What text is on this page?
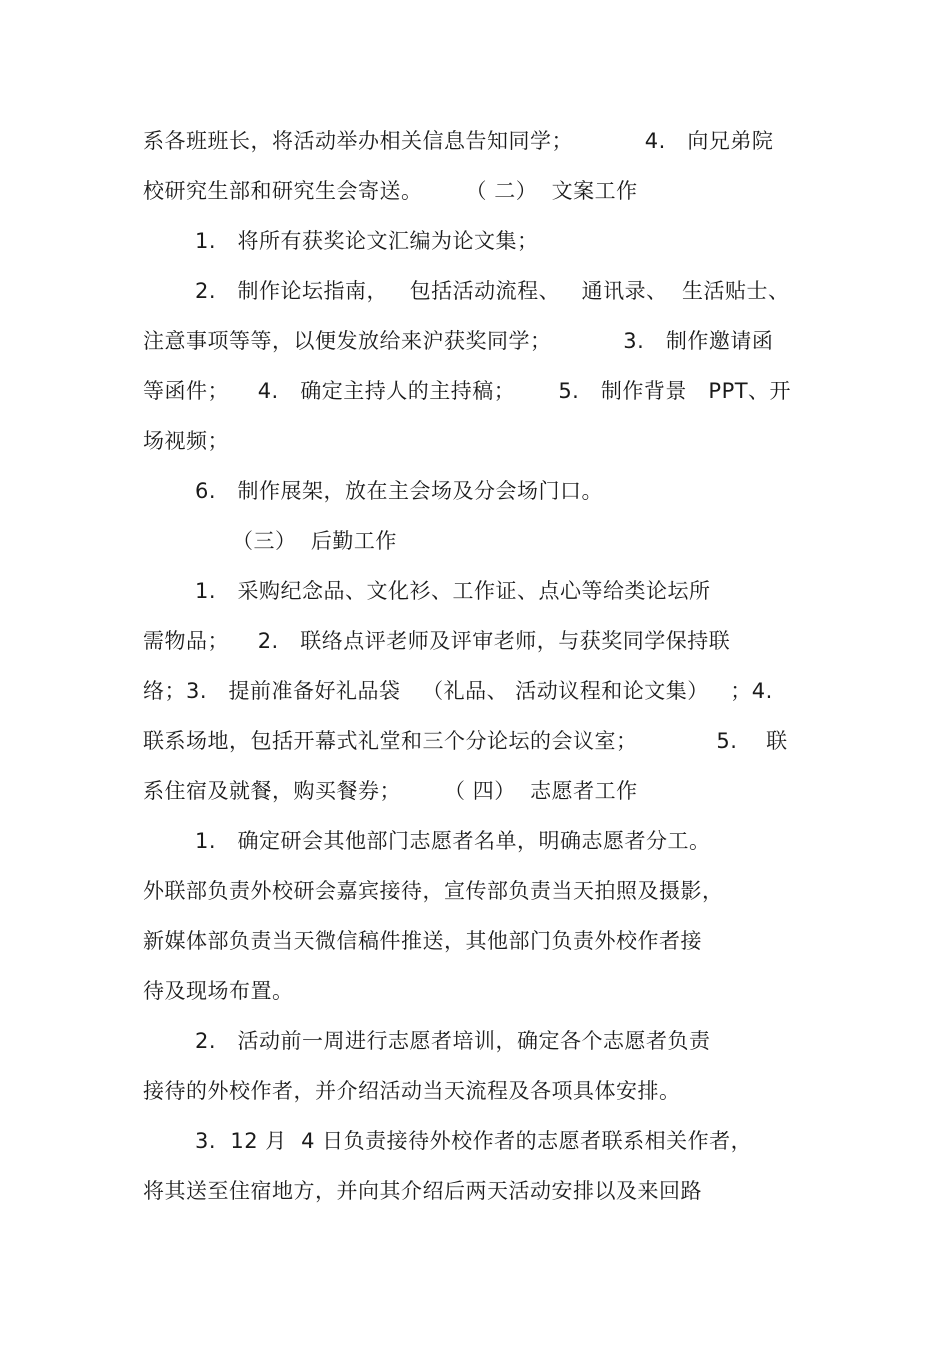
系各班班长，将活动举办相关信息告知同学；          4.   向兄弟院
校研究生部和研究生会寄送。      （ 二）  文案工作
1.   将所有获奖论文汇编为论文集；
2.   制作论坛指南，   包括活动流程、   通讯录、  生活贴士、
注意事项等等，以便发放给来沪获奖同学；          3.   制作邀请函
等函件；    4.   确定主持人的主持稿；      5.   制作背景   PPT、开
场视频；
6.   制作展架，放在主会场及分会场门口。
（三）  后勤工作
1.   采购纪念品、文化衫、工作证、点心等给类论坛所
需物品；    2.   联络点评老师及评审老师，与获奖同学保持联
络；3.   提前准备好礼品袋   （礼品、 活动议程和论文集）   ；4.
联系场地，包括开幕式礼堂和三个分论坛的会议室；           5.    联
系住宿及就餐，购买餐券；      （ 四）  志愿者工作
1.   确定研会其他部门志愿者名单，明确志愿者分工。
外联部负责外校研会嘉宾接待，宣传部负责当天拍照及摄影，
新媒体部负责当天微信稿件推送，其他部门负责外校作者接
待及现场布置。
2.   活动前一周进行志愿者培训，确定各个志愿者负责
接待的外校作者，并介绍活动当天流程及各项具体安排。
3.  12 月  4 日负责接待外校作者的志愿者联系相关作者，
将其送至住宿地方，并向其介绍后两天活动安排以及来回路
